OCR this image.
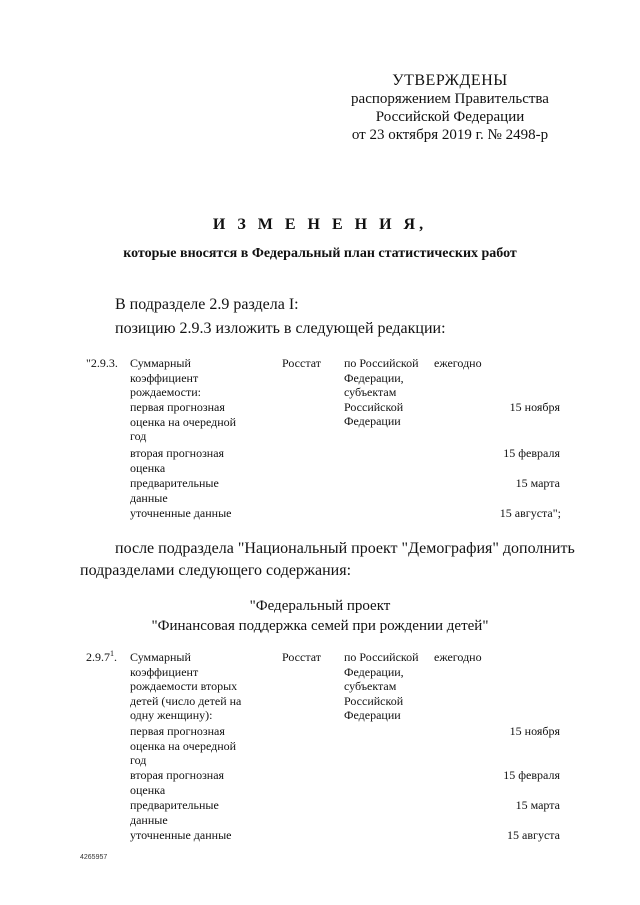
УТВЕРЖДЕНЫ
распоряжением Правительства
Российской Федерации
от 23 октября 2019 г. № 2498-р
И З М Е Н Е Н И Я,
которые вносятся в Федеральный план статистических работ
В подразделе 2.9 раздела I:
позицию 2.9.3 изложить в следующей редакции:
"2.9.3. Суммарный
коэффициент
рождаемости:
Росстат по Российской
Федерации,
субъектам
Российской
Федерации
ежегодно
первая прогнозная
оценка на очередной
год
15 ноября
вторая прогнозная
оценка
15 февраля
предварительные
данные
15 марта
уточненные данные	15 августа";
после подраздела "Национальный проект "Демография" дополнить
подразделами следующего содержания:
"Федеральный проект
"Финансовая поддержка семей при рождении детей"
2.9.7$^1$. Суммарный
коэффициент
рождаемости вторых
детей (число детей на
одну женщину):
Росстат по Российской
Федерации,
субъектам
Российской
Федерации
ежегодно
первая прогнозная
оценка на очередной
год
15 ноября
вторая прогнозная
оценка
15 февраля
предварительные
данные
15 марта
уточненные данные	15 августа
4265957
